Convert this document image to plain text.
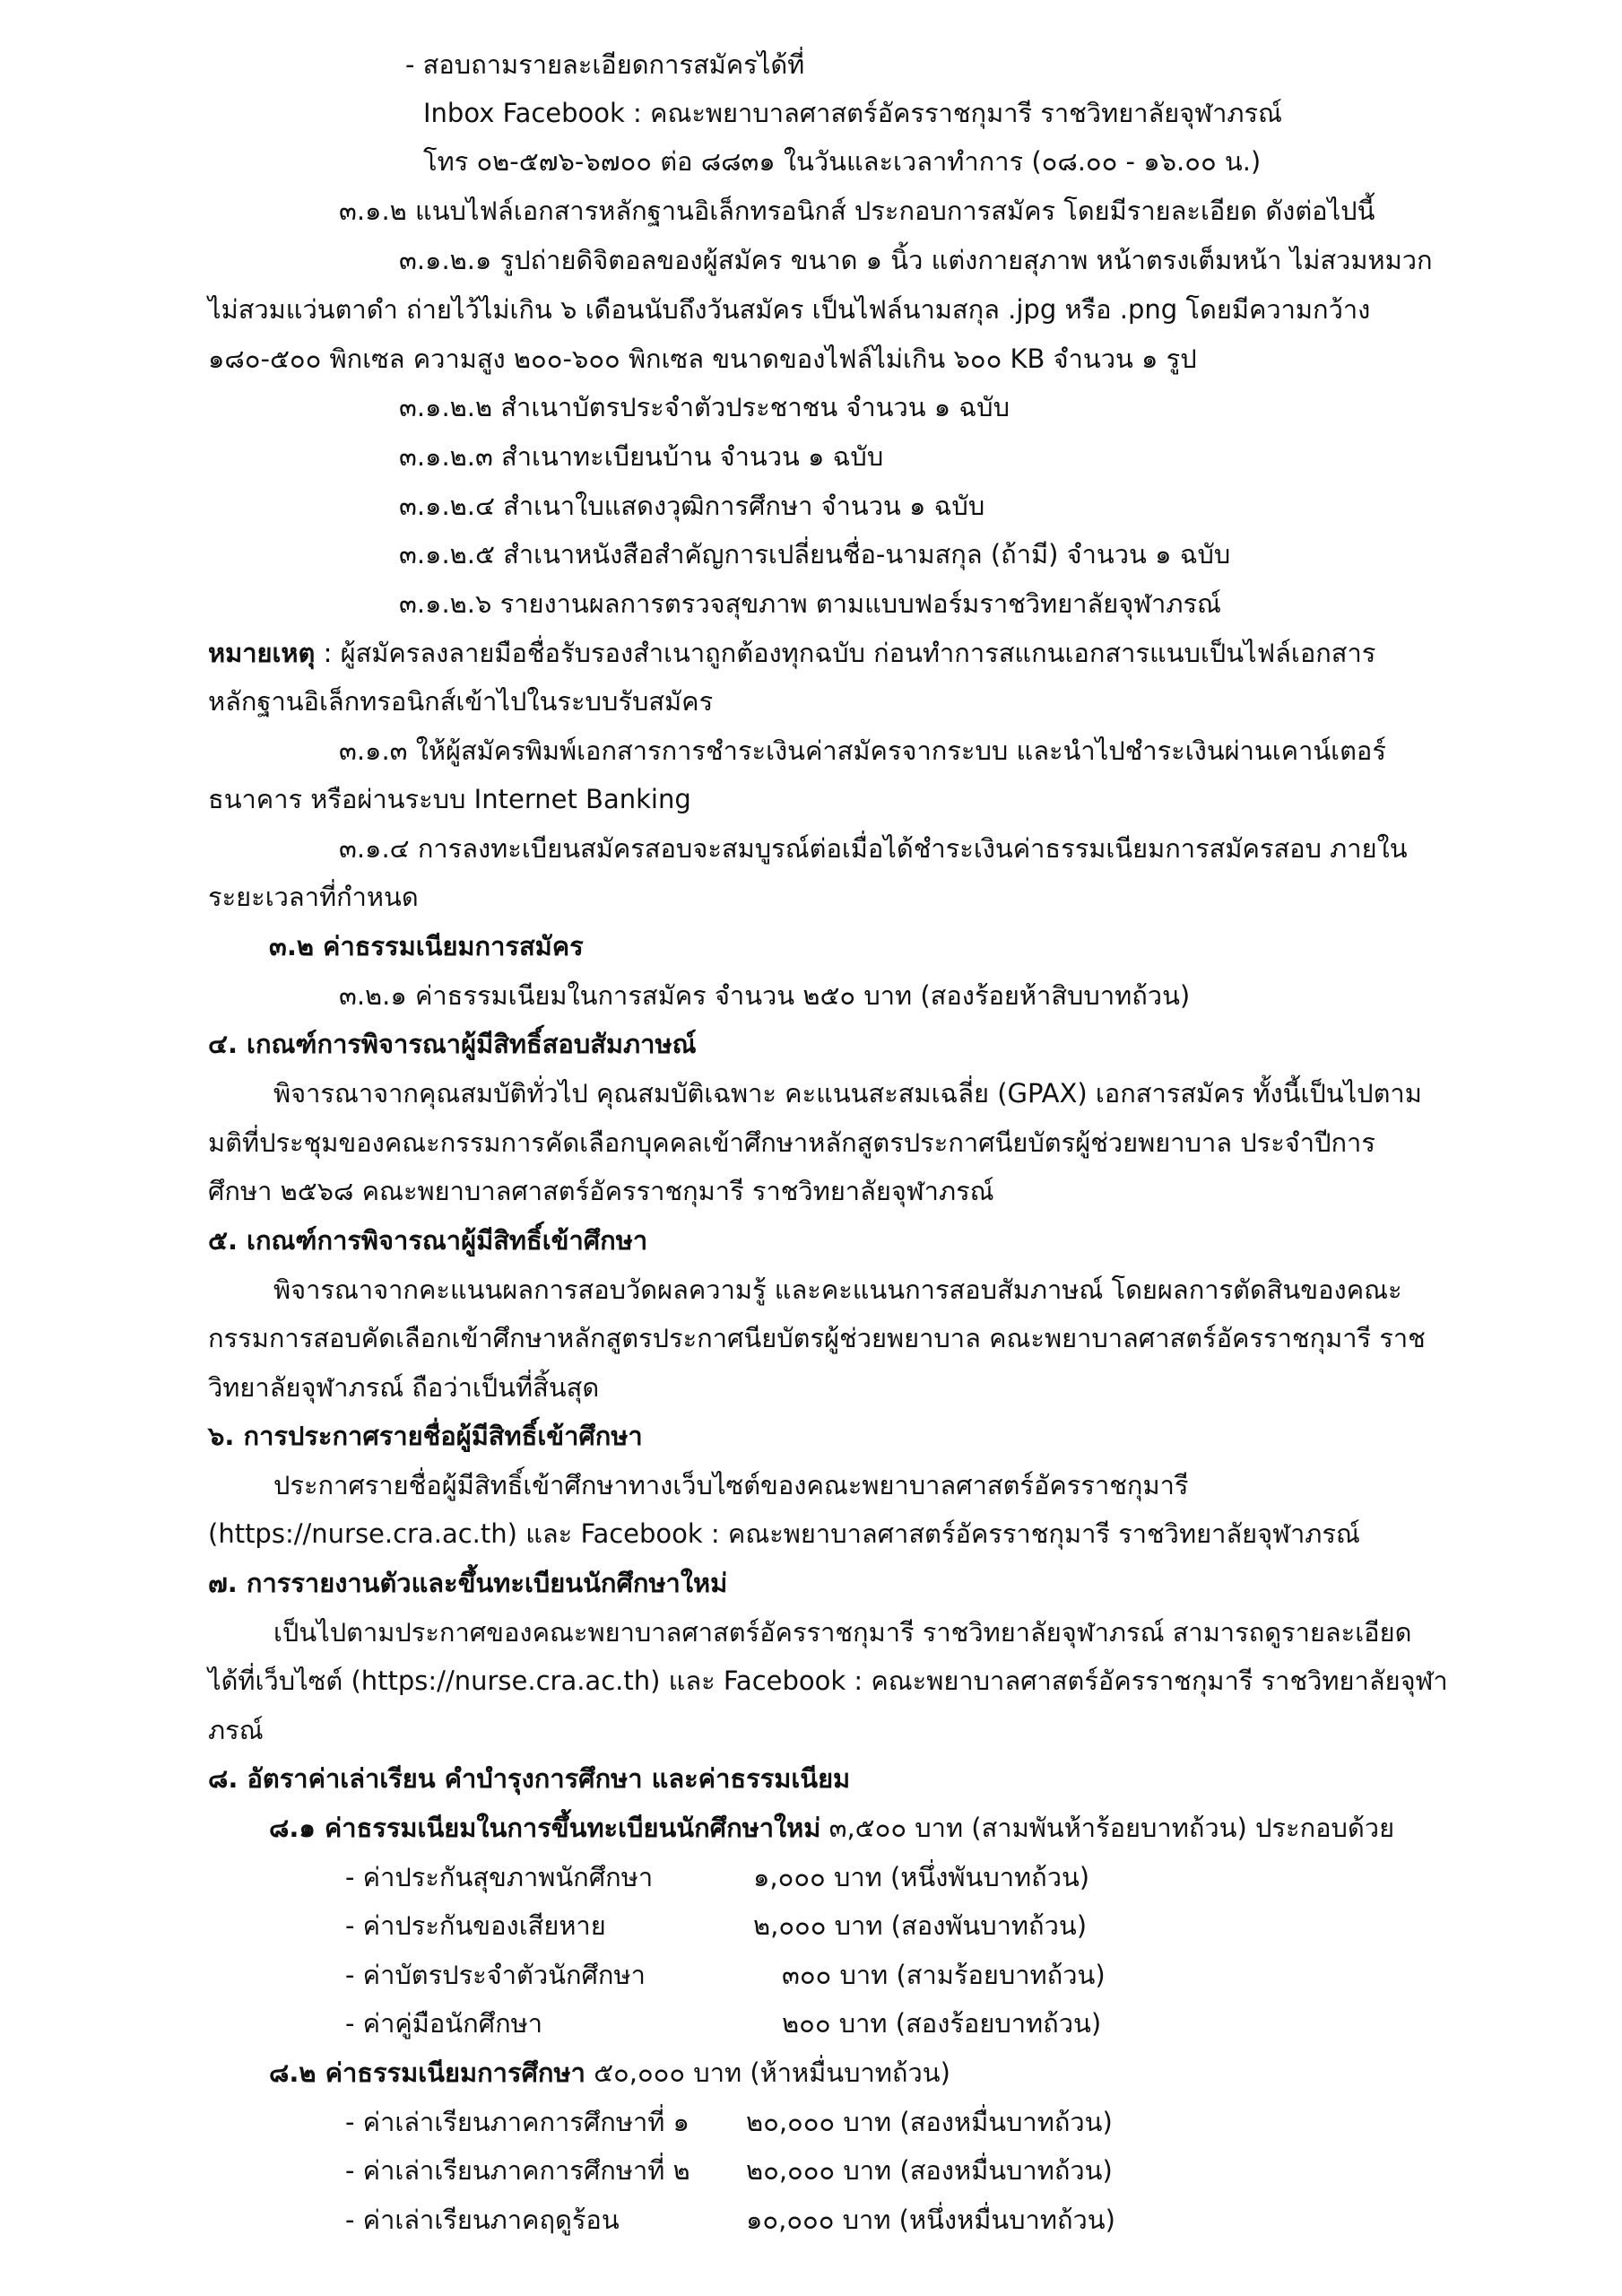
- สอบถามรายละเอียดการสมัครได้ที่
Inbox Facebook : คณะพยาบาลศาสตร์อัครราชกุมารี ราชวิทยาลัยจุฬาภรณ์
โทร ๐๒-๕๗๖-๖๗๐๐ ต่อ ๘๘๓๑ ในวันและเวลาทำการ (๐๘.๐๐ - ๑๖.๐๐ น.)
๓.๑.๒ แนบไฟล์เอกสารหลักฐานอิเล็กทรอนิกส์ ประกอบการสมัคร โดยมีรายละเอียด ดังต่อไปนี้
๓.๑.๒.๑ รูปถ่ายดิจิตอลของผู้สมัคร ขนาด ๑ นิ้ว แต่งกายสุภาพ หน้าตรงเต็มหน้า ไม่สวมหมวก
ไม่สวมแว่นตาดำ ถ่ายไว้ไม่เกิน ๖ เดือนนับถึงวันสมัคร เป็นไฟล์นามสกุล .jpg หรือ .png โดยมีความกว้าง
๑๘๐-๕๐๐ พิกเซล ความสูง ๒๐๐-๖๐๐ พิกเซล ขนาดของไฟล์ไม่เกิน ๖๐๐ KB จำนวน ๑ รูป
๓.๑.๒.๒ สำเนาบัตรประจำตัวประชาชน จำนวน ๑ ฉบับ
๓.๑.๒.๓ สำเนาทะเบียนบ้าน จำนวน ๑ ฉบับ
๓.๑.๒.๔ สำเนาใบแสดงวุฒิการศึกษา จำนวน ๑ ฉบับ
๓.๑.๒.๕ สำเนาหนังสือสำคัญการเปลี่ยนชื่อ-นามสกุล (ถ้ามี) จำนวน ๑ ฉบับ
๓.๑.๒.๖ รายงานผลการตรวจสุขภาพ ตามแบบฟอร์มราชวิทยาลัยจุฬาภรณ์
หมายเหตุ : ผู้สมัครลงลายมือชื่อรับรองสำเนาถูกต้องทุกฉบับ ก่อนทำการสแกนเอกสารแนบเป็นไฟล์เอกสาร
หลักฐานอิเล็กทรอนิกส์เข้าไปในระบบรับสมัคร
๓.๑.๓ ให้ผู้สมัครพิมพ์เอกสารการชำระเงินค่าสมัครจากระบบ และนำไปชำระเงินผ่านเคาน์เตอร์
ธนาคาร หรือผ่านระบบ Internet Banking
๓.๑.๔ การลงทะเบียนสมัครสอบจะสมบูรณ์ต่อเมื่อได้ชำระเงินค่าธรรมเนียมการสมัครสอบ ภายใน
ระยะเวลาที่กำหนด
๓.๒ ค่าธรรมเนียมการสมัคร
๓.๒.๑ ค่าธรรมเนียมในการสมัคร จำนวน ๒๕๐ บาท (สองร้อยห้าสิบบาทถ้วน)
๔. เกณฑ์การพิจารณาผู้มีสิทธิ์สอบสัมภาษณ์
พิจารณาจากคุณสมบัติทั่วไป คุณสมบัติเฉพาะ คะแนนสะสมเฉลี่ย (GPAX) เอกสารสมัคร ทั้งนี้เป็นไปตาม
มติที่ประชุมของคณะกรรมการคัดเลือกบุคคลเข้าศึกษาหลักสูตรประกาศนียบัตรผู้ช่วยพยาบาล ประจำปีการ
ศึกษา ๒๕๖๘ คณะพยาบาลศาสตร์อัครราชกุมารี ราชวิทยาลัยจุฬาภรณ์
๕. เกณฑ์การพิจารณาผู้มีสิทธิ์เข้าศึกษา
พิจารณาจากคะแนนผลการสอบวัดผลความรู้ และคะแนนการสอบสัมภาษณ์ โดยผลการตัดสินของคณะ
กรรมการสอบคัดเลือกเข้าศึกษาหลักสูตรประกาศนียบัตรผู้ช่วยพยาบาล คณะพยาบาลศาสตร์อัครราชกุมารี ราช
วิทยาลัยจุฬาภรณ์ ถือว่าเป็นที่สิ้นสุด
๖. การประกาศรายชื่อผู้มีสิทธิ์เข้าศึกษา
ประกาศรายชื่อผู้มีสิทธิ์เข้าศึกษาทางเว็บไซต์ของคณะพยาบาลศาสตร์อัครราชกุมารี
(https://nurse.cra.ac.th) และ Facebook : คณะพยาบาลศาสตร์อัครราชกุมารี ราชวิทยาลัยจุฬาภรณ์
๗. การรายงานตัวและขึ้นทะเบียนนักศึกษาใหม่
เป็นไปตามประกาศของคณะพยาบาลศาสตร์อัครราชกุมารี ราชวิทยาลัยจุฬาภรณ์ สามารถดูรายละเอียด
ได้ที่เว็บไซต์ (https://nurse.cra.ac.th) และ Facebook : คณะพยาบาลศาสตร์อัครราชกุมารี ราชวิทยาลัยจุฬา
ภรณ์
๘. อัตราค่าเล่าเรียน คำบำรุงการศึกษา และค่าธรรมเนียม
๘.๑ ค่าธรรมเนียมในการขึ้นทะเบียนนักศึกษาใหม่ ๓,๕๐๐ บาท (สามพันห้าร้อยบาทถ้วน) ประกอบด้วย
- ค่าประกันสุขภาพนักศึกษา	๑,๐๐๐ บาท (หนึ่งพันบาทถ้วน)
- ค่าประกันของเสียหาย	๒,๐๐๐ บาท (สองพันบาทถ้วน)
- ค่าบัตรประจำตัวนักศึกษา	๓๐๐ บาท (สามร้อยบาทถ้วน)
- ค่าคู่มือนักศึกษา	๒๐๐ บาท (สองร้อยบาทถ้วน)
๘.๒ ค่าธรรมเนียมการศึกษา ๕๐,๐๐๐ บาท (ห้าหมื่นบาทถ้วน)
- ค่าเล่าเรียนภาคการศึกษาที่ ๑ ๒๐,๐๐๐ บาท (สองหมื่นบาทถ้วน)
- ค่าเล่าเรียนภาคการศึกษาที่ ๒ ๒๐,๐๐๐ บาท (สองหมื่นบาทถ้วน)
- ค่าเล่าเรียนภาคฤดูร้อน	๑๐,๐๐๐ บาท (หนึ่งหมื่นบาทถ้วน)
